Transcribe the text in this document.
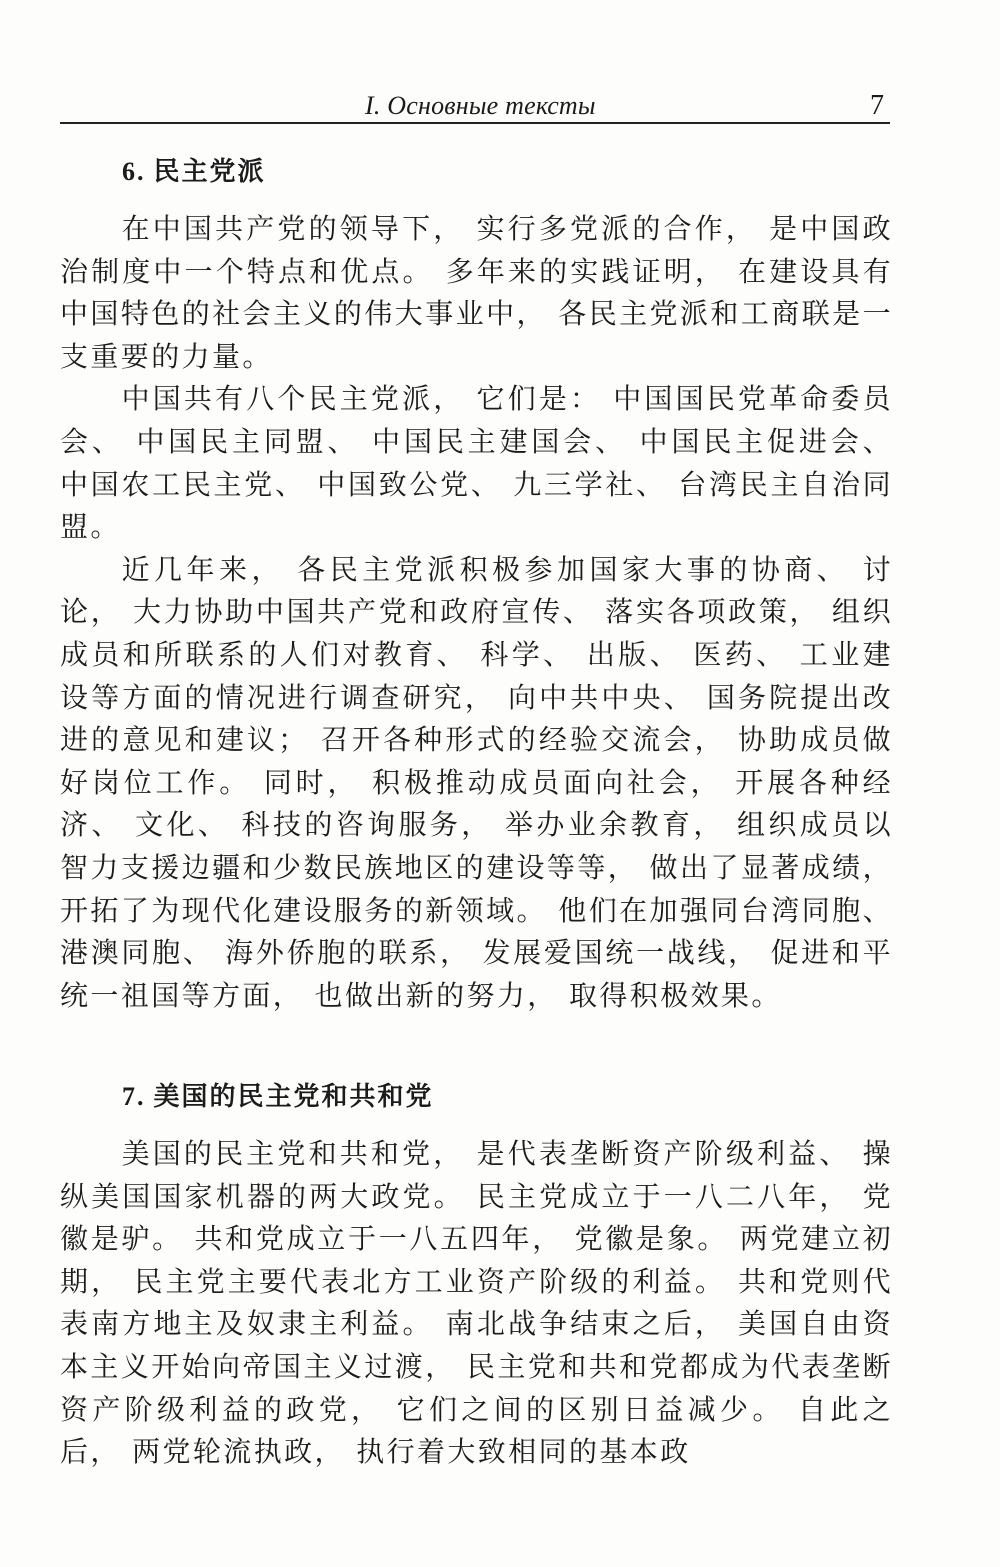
I. Основные тексты	7
6. 民主党派

在中国共产党的领导下， 实行多党派的合作， 是中国政治制度中一个特点和优点。 多年来的实践证明， 在建设具有中国特色的社会主义的伟大事业中， 各民主党派和工商联是一支重要的力量。

中国共有八个民主党派， 它们是： 中国国民党革命委员会、 中国民主同盟、 中国民主建国会、 中国民主促进会、 中国农工民主党、 中国致公党、 九三学社、 台湾民主自治同盟。

近几年来， 各民主党派积极参加国家大事的协商、 讨论， 大力协助中国共产党和政府宣传、 落实各项政策， 组织成员和所联系的人们对教育、 科学、 出版、 医药、 工业建设等方面的情况进行调查研究， 向中共中央、 国务院提出改进的意见和建议； 召开各种形式的经验交流会， 协助成员做好岗位工作。 同时， 积极推动成员面向社会， 开展各种经济、 文化、 科技的咨询服务， 举办业余教育， 组织成员以智力支援边疆和少数民族地区的建设等等， 做出了显著成绩， 开拓了为现代化建设服务的新领域。 他们在加强同台湾同胞、 港澳同胞、 海外侨胞的联系， 发展爱国统一战线， 促进和平统一祖国等方面， 也做出新的努力， 取得积极效果。

7. 美国的民主党和共和党

美国的民主党和共和党， 是代表垄断资产阶级利益、 操纵美国国家机器的两大政党。 民主党成立于一八二八年， 党徽是驴。 共和党成立于一八五四年， 党徽是象。 两党建立初期， 民主党主要代表北方工业资产阶级的利益。 共和党则代表南方地主及奴隶主利益。 南北战争结束之后， 美国自由资本主义开始向帝国主义过渡， 民主党和共和党都成为代表垄断资产阶级利益的政党， 它们之间的区别日益减少。 自此之后， 两党轮流执政， 执行着大致相同的基本政
